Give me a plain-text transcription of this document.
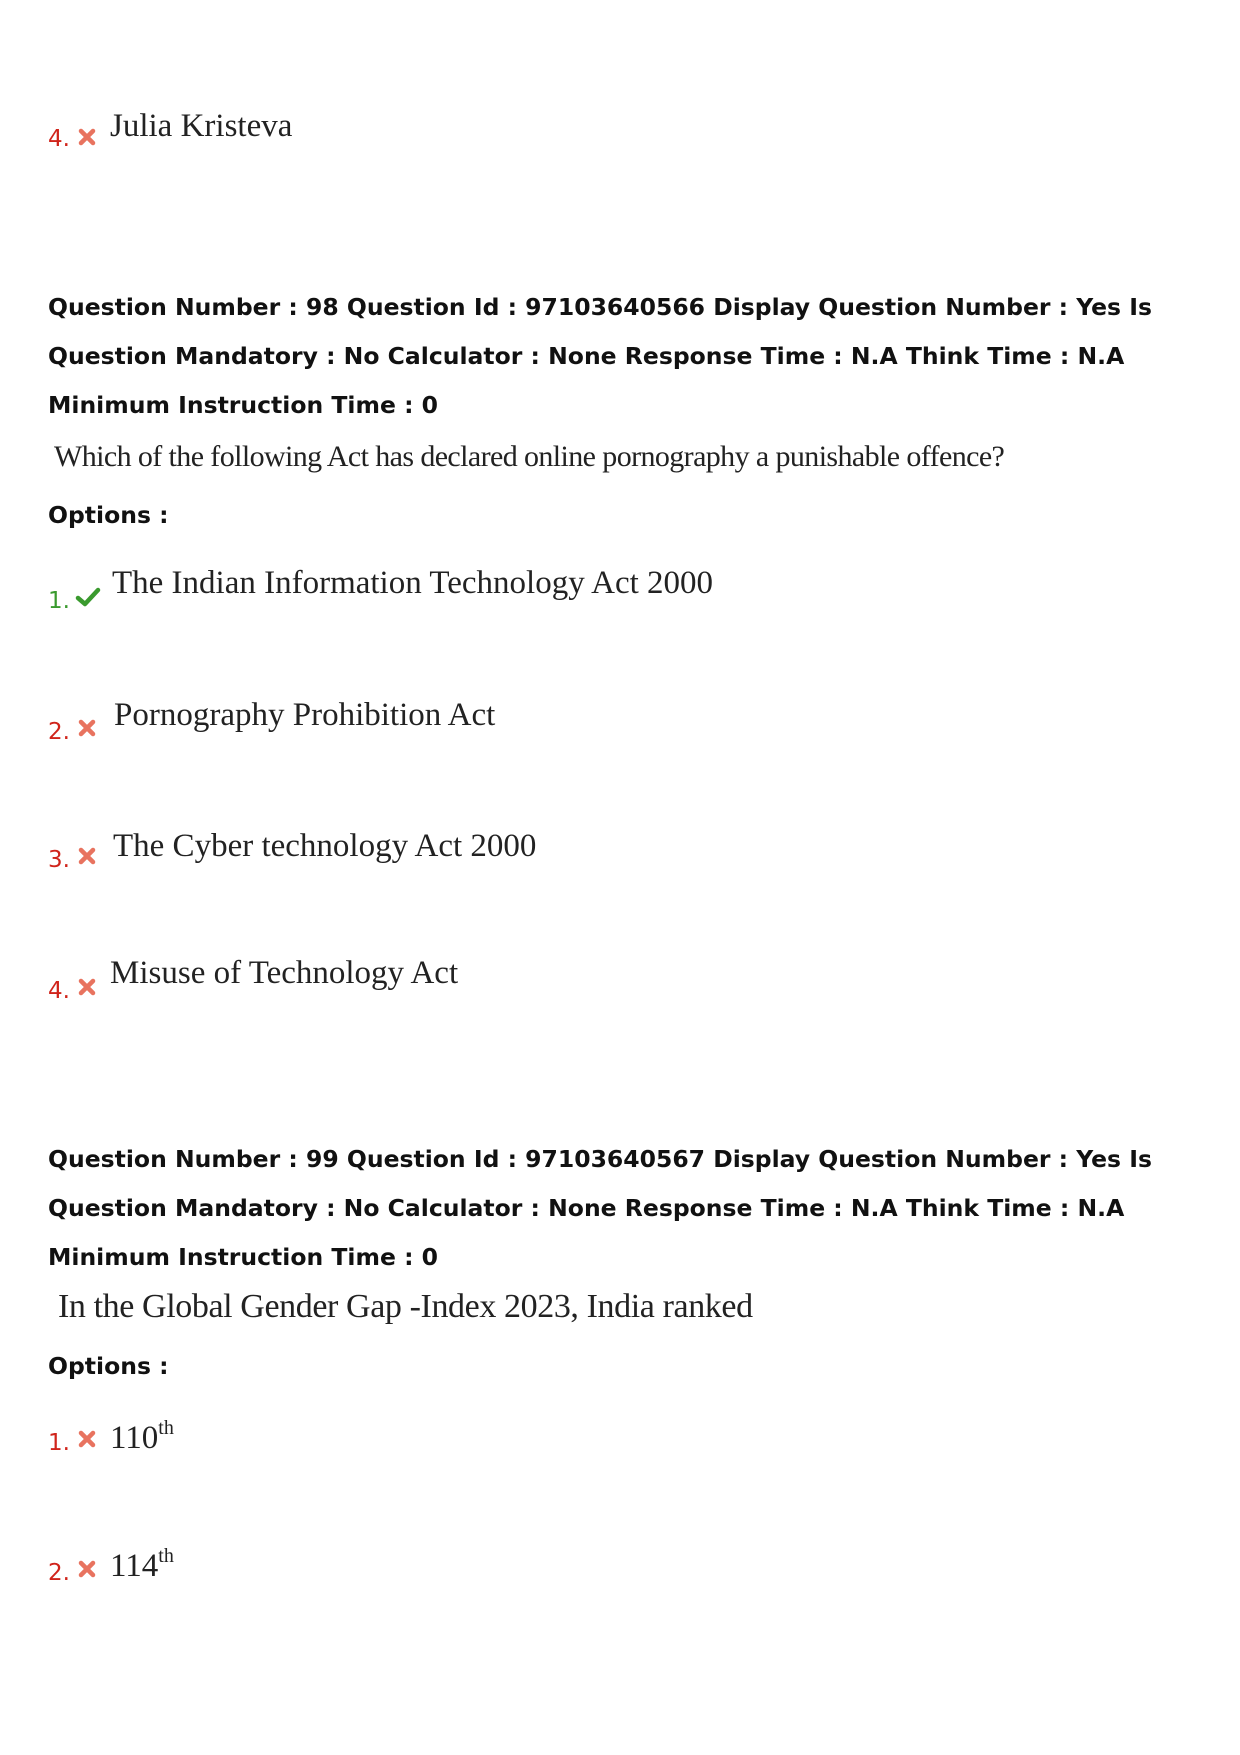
4. Julia Kristeva
Question Number : 98 Question Id : 97103640566 Display Question Number : Yes Is Question Mandatory : No Calculator : None Response Time : N.A Think Time : N.A Minimum Instruction Time : 0
Which of the following Act has declared online pornography a punishable offence?
Options :
1. The Indian Information Technology Act 2000
2. Pornography Prohibition Act
3. The Cyber technology Act 2000
4. Misuse of Technology Act
Question Number : 99 Question Id : 97103640567 Display Question Number : Yes Is Question Mandatory : No Calculator : None Response Time : N.A Think Time : N.A Minimum Instruction Time : 0
In the Global Gender Gap -Index 2023, India ranked
Options :
1. 110th
2. 114th
